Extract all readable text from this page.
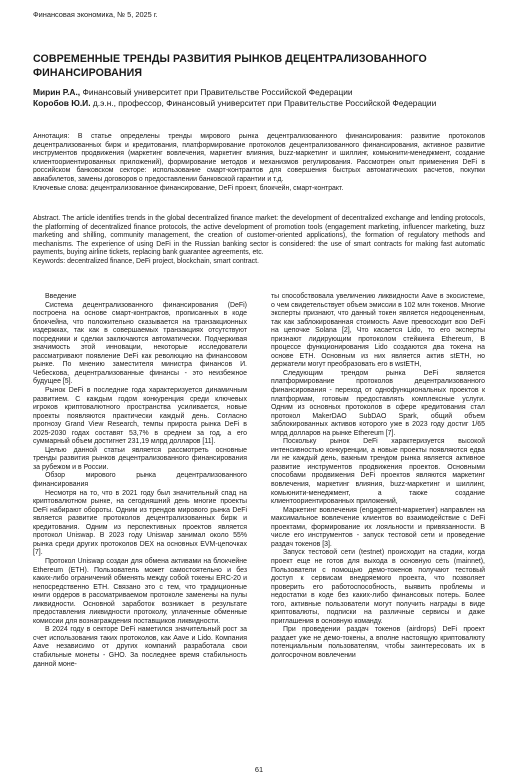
Финансовая экономика, № 5, 2025 г.
СОВРЕМЕННЫЕ ТРЕНДЫ РАЗВИТИЯ РЫНКОВ ДЕЦЕНТРАЛИЗОВАННОГО ФИНАНСИРОВАНИЯ

Мирин Р.А., Финансовый университет при Правительстве Российской Федерации

Коробов Ю.И. д.э.н., профессор, Финансовый университет при Правительстве Российской Федерации

Аннотация: В статье определены тренды мирового рынка децентрализованного финансирования: развитие протоколов децентрализованных бирж и кредитования, платформирование протоколов децентрализованного финансирования, активное развитие инструментов продвижения (маркетинг вовлечения, маркетинг влияния, buzz-маркетинг и шиллинг, комьюнити-менеджмент, создание клиентоориентированных приложений), формирование методов и механизмов регулирования. Рассмотрен опыт применения DeFi в российском банковском секторе: использование смарт-контрактов для совершения быстрых автоматических расчетов, покупки авиабилетов, замены договоров о предоставлении банковской гарантии и т.д.

Ключевые слова: децентрализованное финансирование, DeFi проект, блокчейн, смарт-контракт.

Abstract. The article identifies trends in the global decentralized finance market: the development of decentralized exchange and lending protocols, the platforming of decentralized finance protocols, the active development of promotion tools (engagement marketing, influencer marketing, buzz marketing and shilling, community management, the creation of customer-oriented applications), the formation of regulatory methods and mechanisms. The experience of using DeFi in the Russian banking sector is considered: the use of smart contracts for making fast automatic payments, buying airline tickets, replacing bank guarantee agreements, etc.

Keywords: decentralized finance, DeFi project, blockchain, smart contract.

Введение

Система децентрализованного финансирования (DeFi) построена на основе смарт-контрактов, прописанных в коде блокчейна, что положительно сказывается на транзакционных издержках, так как в совершаемых транзакциях отсутствуют посредники и сделки заключаются автоматически. Подчеркивая значимость этой инновации, некоторые исследователи рассматривают появление DeFi как революцию на финансовом рынке. По мнению заместителя министра финансов И. Чебескова, децентрализованные финансы - это неизбежное будущее [5].

Рынок DeFi в последние года характеризуется динамичным развитием. С каждым годом конкуренция среди ключевых игроков криптовалютного пространства усиливается, новые проекты появляются практически каждый день. Согласно прогнозу Grand View Research, темпы прироста рынка DeFi в 2025-2030 годах составят 53,7% в среднем за год, а его суммарный объем достигнет 231,19 млрд долларов [11].

Целью данной статьи является рассмотреть основные тренды развития рынков децентрализованного финансирования за рубежом и в России.

Обзор мирового рынка децентрализованного финансирования

Несмотря на то, что в 2021 году был значительный спад на криптовалютном рынке, на сегодняшний день многие проекты DeFi набирают обороты. Одним из трендов мирового рынка DeFi является развитие протоколов децентрализованных бирж и кредитования. Одним из перспективных проектов является протокол Uniswap. В 2023 году Uniswap занимал около 55% рынка среди других протоколов DEX на основных EVM-цепочках [7].

Протокол Uniswap создан для обмена активами на блокчейне Ethereum (ETH). Пользователь может самостоятельно и без каких-либо ограничений обменять между собой токены ERC-20 и непосредственно ETH. Связано это с тем, что традиционные книги ордеров в рассматриваемом протоколе заменены на пулы ликвидности. Основной заработок возникает в результате предоставления ликвидности протоколу, уплаченные обменные комиссии для вознаграждения поставщиков ликвидности.

В 2024 году в секторе DeFi наметился значительный рост за счет использования таких протоколов, как Aave и Lido. Компания Aave независимо от других компаний разработала свои стабильные монеты - GHO. За последнее время стабильность данной моне-

ты способствовала увеличению ликвидности Aave в экосистеме, о чем свидетельствует объем эмиссии в 102 млн токенов. Многие эксперты признают, что данный токен является недооцененным, так как заблокированная стоимость Aave превосходит всю DeFi на цепочке Solana [2], Что касается Lido, то его эксперты признают лидирующим протоколом стейкинга Ethereum, В процессе функционирования Lido создаются два токена на основе ETH. Основным из них является актив stETH, но держатели могут преобразовать его в wstETH,

Следующим трендом рынка DeFi является платформирование протоколов децентрализованного финансирования - переход от однофункциональных проектов к платформам, готовым предоставлять комплексные услуги. Одним из основных протоколов в сфере кредитования стал протокол MakerDAO SubDAO Spark, общий объем заблокированных активов которого уже в 2023 году достиг 1/65 млрд долларов на рынке Ethereum [7].

Поскольку рынок DeFi характеризуется высокой интенсивностью конкуренции, а новые проекты появляются едва ли не каждый день, важным трендом рынка является активное развитие инструментов продвижения проектов. Основными способами продвижения DeFi проектов являются маркетинг вовлечения, маркетинг влияния, buzz-маркетинг и шиллинг, комьюнити-менеджмент, а также создание клиентоориентированных приложений,

Маркетинг вовлечения (engagement-маркетинг) направлен на максимальное вовлечение клиентов во взаимодействие с DeFi проектами, формирование их лояльности и привязанности. В числе его инструментов - запуск тестовой сети и проведение раздач токенов [3].

Запуск тестовой сети (testnet) происходит на стадии, когда проект еще не готов для выхода в основную сеть (mainnet), Пользователи с помощью демо-токенов получают тестовый доступ к сервисам внедряемого проекта, что позволяет проверить его работоспособность, выявить проблемы и недостатки в коде без каких-либо финансовых потерь. Более того, активные пользователи могут получить награды в виде криптовалюты, подписки на различные сервисы и даже приглашения в основную команду.

При проведении раздач токенов (airdrops) DeFi проект раздает уже не демо-токены, а вполне настоящую криптовалюту потенциальным пользователям, чтобы заинтересовать их в долгосрочном вовлечении

61
